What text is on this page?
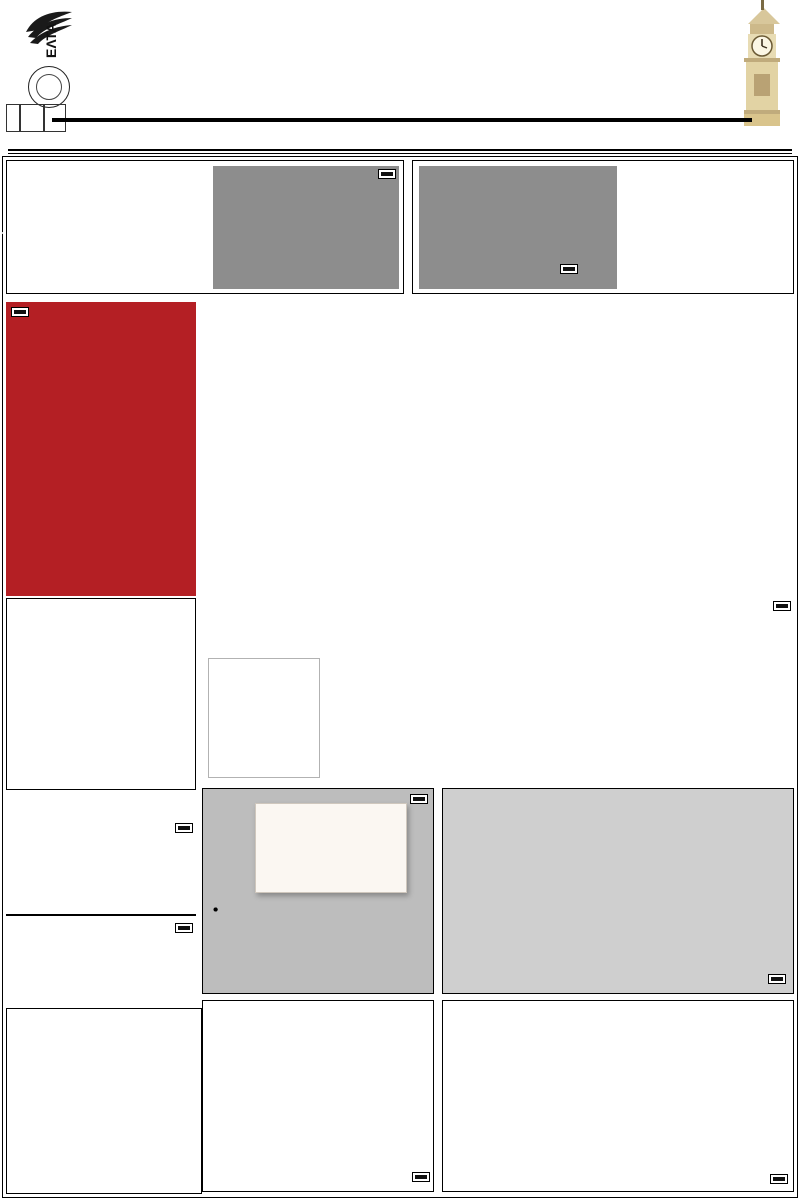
ΕΛΤΑ
